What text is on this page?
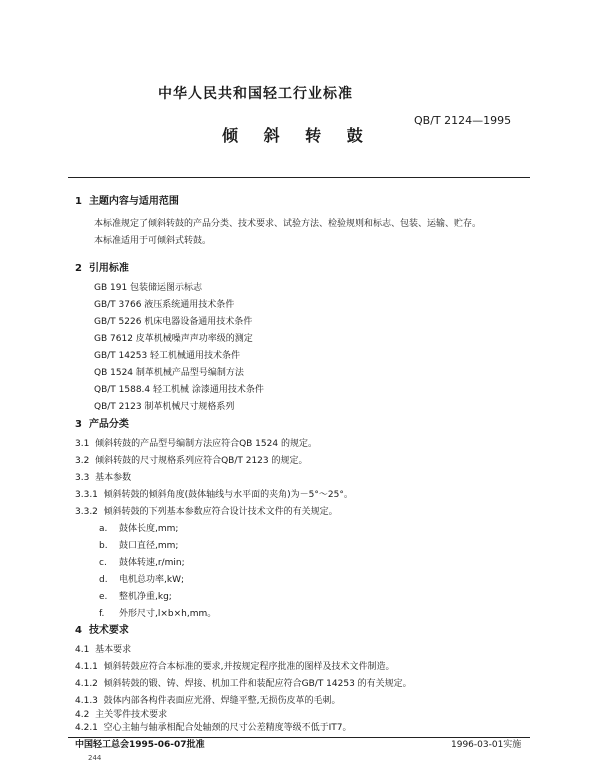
中华人民共和国轻工行业标准
QB/T 2124—1995
倾 斜 转 鼓
1 主题内容与适用范围
本标准规定了倾斜转鼓的产品分类、技术要求、试验方法、检验规则和标志、包装、运输、贮存。
本标准适用于可倾斜式转鼓。
2 引用标准
GB 191 包装储运图示标志
GB/T 3766 液压系统通用技术条件
GB/T 5226 机床电器设备通用技术条件
GB 7612 皮革机械噪声声功率级的测定
GB/T 14253 轻工机械通用技术条件
QB 1524 制革机械产品型号编制方法
QB/T 1588.4 轻工机械 涂漆通用技术条件
QB/T 2123 制革机械尺寸规格系列
3 产品分类
3.1 倾斜转鼓的产品型号编制方法应符合QB 1524 的规定。
3.2 倾斜转鼓的尺寸规格系列应符合QB/T 2123 的规定。
3.3 基本参数
3.3.1 倾斜转鼓的倾斜角度(鼓体轴线与水平面的夹角)为－5°～25°。
3.3.2 倾斜转鼓的下列基本参数应符合设计技术文件的有关规定。
a. 鼓体长度,mm;
b. 鼓口直径,mm;
c. 鼓体转速,r/min;
d. 电机总功率,kW;
e. 整机净重,kg;
f. 外形尺寸,l×b×h,mm。
4 技术要求
4.1 基本要求
4.1.1 倾斜转鼓应符合本标准的要求,并按规定程序批准的图样及技术文件制造。
4.1.2 倾斜转鼓的锻、铸、焊接、机加工件和装配应符合GB/T 14253 的有关规定。
4.1.3 鼓体内部各构件表面应光滑、焊缝平整,无损伤皮革的毛刺。
4.2 主关零件技术要求
4.2.1 空心主轴与轴承相配合处轴颈的尺寸公差精度等级不低于IT7。
中国轻工总会1995-06-07批准	1996-03-01实施
244
